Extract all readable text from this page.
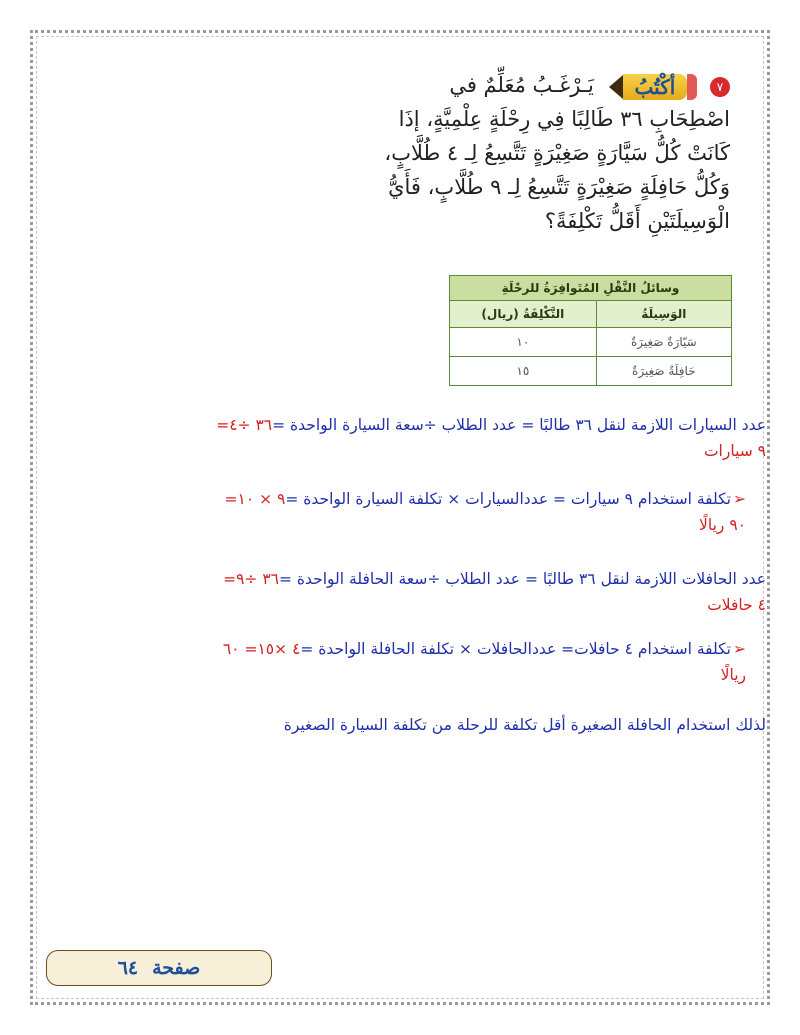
٧
أكْتُبُ
يَـرْغَـبُ مُعَلِّمٌ في
اصْطِحَابِ ٣٦ طَالِبًا فِي رِحْلَةٍ عِلْمِيَّةٍ، إذَا
كَانَتْ كُلُّ سَيَّارَةٍ صَغِيْرَةٍ تَتَّسِعُ لِـ ٤ طُلَّابٍ،
وَكُلُّ حَافِلَةٍ صَغِيْرَةٍ تَتَّسِعُ لِـ ٩ طُلَّابٍ، فَأَيُّ
الْوَسِيلَتَيْنِ أَقَلُّ تَكْلِفَةً؟
وسائلُ النَّقْلِ المُتَوافِرَةُ للرحْلَةِ	
الوَسِيلَةُ	التَّكْلِفَةُ (ريال)
سَيّارَةٌ صَغِيرَةٌ	١٠
حَافِلَةٌ صَغِيرَةٌ	١٥
عدد السيارات اللازمة لنقل ٣٦ طالبًا = عدد الطلاب ÷سعة السيارة الواحدة =٣٦ ÷٤=
٩ سيارات
➢تكلفة استخدام ٩ سيارات = عددالسيارات × تكلفة السيارة الواحدة =٩ × ١٠=
٩٠ ريالًا
عدد الحافلات اللازمة لنقل ٣٦ طالبًا = عدد الطلاب ÷سعة الحافلة الواحدة =٣٦ ÷٩=
٤ حافلات
➢تكلفة استخدام ٤ حافلات= عددالحافلات × تكلفة الحافلة الواحدة =٤ ×١٥= ٦٠
ريالًا
لذلك استخدام الحافلة الصغيرة أقل تكلفة للرحلة من تكلفة السيارة الصغيرة
صفحة
٦٤
